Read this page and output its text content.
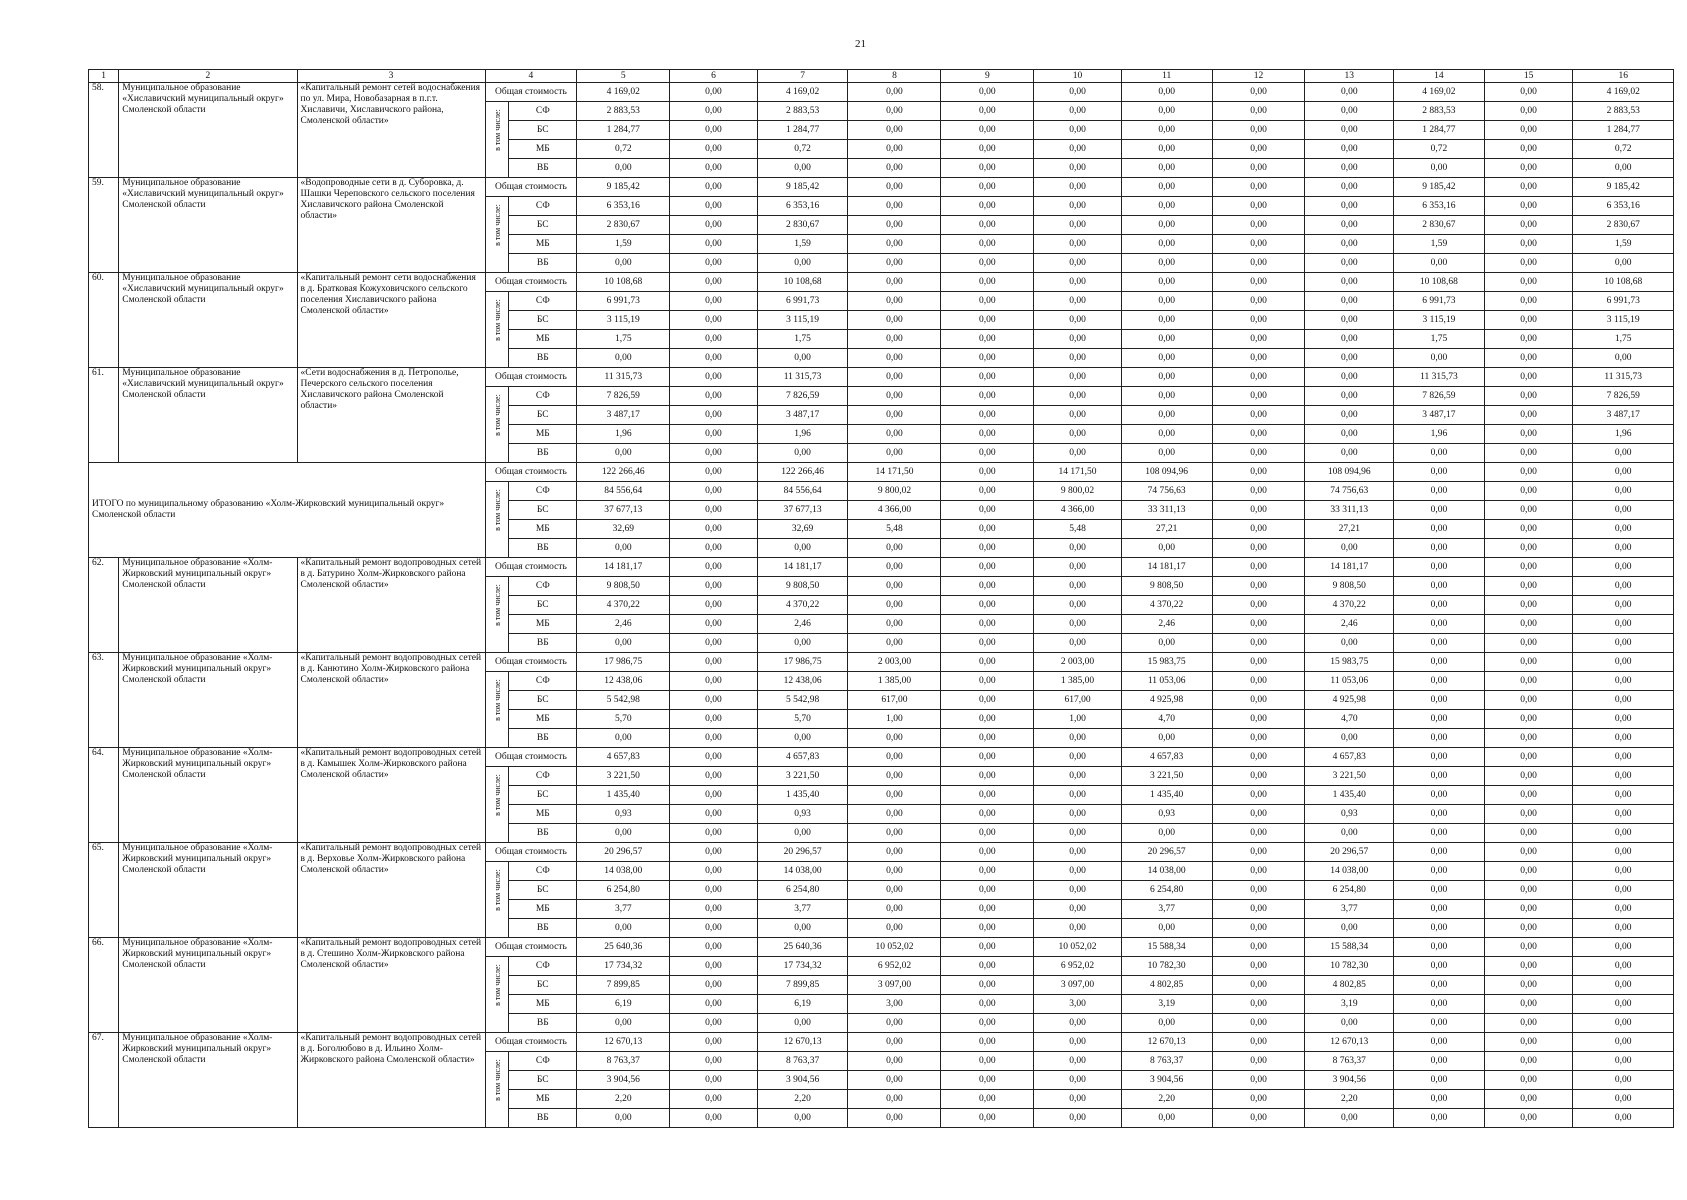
21
1	2	3	4		5	6	7	8	9	10	11	12	13	14	15	16
58.	Муниципальное образование «Хиславичский муниципальный округ» Смоленской области	«Капитальный ремонт сетей водоснабжения по ул. Мира, Новобазарная в п.г.т. Хиславичи, Хиславичского района, Смоленской области»	Общая стоимость		4 169,02	0,00	4 169,02	0,00	0,00	0,00	0,00	0,00	0,00	4 169,02	0,00	4 169,02

			в том числе:	СФ	2 883,53	0,00	2 883,53	0,00	0,00	0,00	0,00	0,00	0,00	2 883,53	0,00	2 883,53
				БС	1 284,77	0,00	1 284,77	0,00	0,00	0,00	0,00	0,00	0,00	1 284,77	0,00	1 284,77
				МБ	0,72	0,00	0,72	0,00	0,00	0,00	0,00	0,00	0,00	0,72	0,00	0,72
				ВБ	0,00	0,00	0,00	0,00	0,00	0,00	0,00	0,00	0,00	0,00	0,00	0,00
59.	Муниципальное образование «Хиславичский муниципальный округ» Смоленской области	«Водопроводные сети в д. Суборовка, д. Шашки Череповского сельского поселения Хиславичского района Смоленской области»	Общая стоимость		9 185,42	0,00	9 185,42	0,00	0,00	0,00	0,00	0,00	0,00	9 185,42	0,00	9 185,42

			в том числе:	СФ	6 353,16	0,00	6 353,16	0,00	0,00	0,00	0,00	0,00	0,00	6 353,16	0,00	6 353,16
				БС	2 830,67	0,00	2 830,67	0,00	0,00	0,00	0,00	0,00	0,00	2 830,67	0,00	2 830,67
				МБ	1,59	0,00	1,59	0,00	0,00	0,00	0,00	0,00	0,00	1,59	0,00	1,59
				ВБ	0,00	0,00	0,00	0,00	0,00	0,00	0,00	0,00	0,00	0,00	0,00	0,00
60.	Муниципальное образование «Хиславичский муниципальный округ» Смоленской области	«Капитальный ремонт сети водоснабжения в д. Братковая Кожуховичского сельского поселения Хиславичского района Смоленской области»	Общая стоимость		10 108,68	0,00	10 108,68	0,00	0,00	0,00	0,00	0,00	0,00	10 108,68	0,00	10 108,68

			в том числе:	СФ	6 991,73	0,00	6 991,73	0,00	0,00	0,00	0,00	0,00	0,00	6 991,73	0,00	6 991,73
				БС	3 115,19	0,00	3 115,19	0,00	0,00	0,00	0,00	0,00	0,00	3 115,19	0,00	3 115,19
				МБ	1,75	0,00	1,75	0,00	0,00	0,00	0,00	0,00	0,00	1,75	0,00	1,75
				ВБ	0,00	0,00	0,00	0,00	0,00	0,00	0,00	0,00	0,00	0,00	0,00	0,00
61.	Муниципальное образование «Хиславичский муниципальный округ» Смоленской области	«Сети водоснабжения в д. Петрополье, Печерского сельского поселения Хиславичского района Смоленской области»	Общая стоимость		11 315,73	0,00	11 315,73	0,00	0,00	0,00	0,00	0,00	0,00	11 315,73	0,00	11 315,73

			в том числе:	СФ	7 826,59	0,00	7 826,59	0,00	0,00	0,00	0,00	0,00	0,00	7 826,59	0,00	7 826,59
				БС	3 487,17	0,00	3 487,17	0,00	0,00	0,00	0,00	0,00	0,00	3 487,17	0,00	3 487,17
				МБ	1,96	0,00	1,96	0,00	0,00	0,00	0,00	0,00	0,00	1,96	0,00	1,96
				ВБ	0,00	0,00	0,00	0,00	0,00	0,00	0,00	0,00	0,00	0,00	0,00	0,00
ИТОГО по муниципальному образованию «Холм-Жирковский муниципальный округ» Смоленской области			Общая стоимость		122 266,46	0,00	122 266,46	14 171,50	0,00	14 171,50	108 094,96	0,00	108 094,96	0,00	0,00	0,00

			в том числе:	СФ	84 556,64	0,00	84 556,64	9 800,02	0,00	9 800,02	74 756,63	0,00	74 756,63	0,00	0,00	0,00
				БС	37 677,13	0,00	37 677,13	4 366,00	0,00	4 366,00	33 311,13	0,00	33 311,13	0,00	0,00	0,00
				МБ	32,69	0,00	32,69	5,48	0,00	5,48	27,21	0,00	27,21	0,00	0,00	0,00
				ВБ	0,00	0,00	0,00	0,00	0,00	0,00	0,00	0,00	0,00	0,00	0,00	0,00
62.	Муниципальное образование «Холм-Жирковский муниципальный округ» Смоленской области	«Капитальный ремонт водопроводных сетей в д. Батурино Холм-Жирковского района Смоленской области»	Общая стоимость		14 181,17	0,00	14 181,17	0,00	0,00	0,00	14 181,17	0,00	14 181,17	0,00	0,00	0,00

			в том числе:	СФ	9 808,50	0,00	9 808,50	0,00	0,00	0,00	9 808,50	0,00	9 808,50	0,00	0,00	0,00
				БС	4 370,22	0,00	4 370,22	0,00	0,00	0,00	4 370,22	0,00	4 370,22	0,00	0,00	0,00
				МБ	2,46	0,00	2,46	0,00	0,00	0,00	2,46	0,00	2,46	0,00	0,00	0,00
				ВБ	0,00	0,00	0,00	0,00	0,00	0,00	0,00	0,00	0,00	0,00	0,00	0,00
63.	Муниципальное образование «Холм-Жирковский муниципальный округ» Смоленской области	«Капитальный ремонт водопроводных сетей в д. Канютино Холм-Жирковского района Смоленской области»	Общая стоимость		17 986,75	0,00	17 986,75	2 003,00	0,00	2 003,00	15 983,75	0,00	15 983,75	0,00	0,00	0,00

			в том числе:	СФ	12 438,06	0,00	12 438,06	1 385,00	0,00	1 385,00	11 053,06	0,00	11 053,06	0,00	0,00	0,00
				БС	5 542,98	0,00	5 542,98	617,00	0,00	617,00	4 925,98	0,00	4 925,98	0,00	0,00	0,00
				МБ	5,70	0,00	5,70	1,00	0,00	1,00	4,70	0,00	4,70	0,00	0,00	0,00
				ВБ	0,00	0,00	0,00	0,00	0,00	0,00	0,00	0,00	0,00	0,00	0,00	0,00
64.	Муниципальное образование «Холм-Жирковский муниципальный округ» Смоленской области	«Капитальный ремонт водопроводных сетей в д. Камышек Холм-Жирковского района Смоленской области»	Общая стоимость		4 657,83	0,00	4 657,83	0,00	0,00	0,00	4 657,83	0,00	4 657,83	0,00	0,00	0,00

			в том числе:	СФ	3 221,50	0,00	3 221,50	0,00	0,00	0,00	3 221,50	0,00	3 221,50	0,00	0,00	0,00
				БС	1 435,40	0,00	1 435,40	0,00	0,00	0,00	1 435,40	0,00	1 435,40	0,00	0,00	0,00
				МБ	0,93	0,00	0,93	0,00	0,00	0,00	0,93	0,00	0,93	0,00	0,00	0,00
				ВБ	0,00	0,00	0,00	0,00	0,00	0,00	0,00	0,00	0,00	0,00	0,00	0,00
65.	Муниципальное образование «Холм-Жирковский муниципальный округ» Смоленской области	«Капитальный ремонт водопроводных сетей в д. Верховье Холм-Жирковского района Смоленской области»	Общая стоимость		20 296,57	0,00	20 296,57	0,00	0,00	0,00	20 296,57	0,00	20 296,57	0,00	0,00	0,00

			в том числе:	СФ	14 038,00	0,00	14 038,00	0,00	0,00	0,00	14 038,00	0,00	14 038,00	0,00	0,00	0,00
				БС	6 254,80	0,00	6 254,80	0,00	0,00	0,00	6 254,80	0,00	6 254,80	0,00	0,00	0,00
				МБ	3,77	0,00	3,77	0,00	0,00	0,00	3,77	0,00	3,77	0,00	0,00	0,00
				ВБ	0,00	0,00	0,00	0,00	0,00	0,00	0,00	0,00	0,00	0,00	0,00	0,00
66.	Муниципальное образование «Холм-Жирковский муниципальный округ» Смоленской области	«Капитальный ремонт водопроводных сетей в д. Стешино Холм-Жирковского района Смоленской области»	Общая стоимость		25 640,36	0,00	25 640,36	10 052,02	0,00	10 052,02	15 588,34	0,00	15 588,34	0,00	0,00	0,00

			в том числе:	СФ	17 734,32	0,00	17 734,32	6 952,02	0,00	6 952,02	10 782,30	0,00	10 782,30	0,00	0,00	0,00
				БС	7 899,85	0,00	7 899,85	3 097,00	0,00	3 097,00	4 802,85	0,00	4 802,85	0,00	0,00	0,00
				МБ	6,19	0,00	6,19	3,00	0,00	3,00	3,19	0,00	3,19	0,00	0,00	0,00
				ВБ	0,00	0,00	0,00	0,00	0,00	0,00	0,00	0,00	0,00	0,00	0,00	0,00
67.	Муниципальное образование «Холм-Жирковский муниципальный округ» Смоленской области	«Капитальный ремонт водопроводных сетей в д. Боголюбово в д. Ильино Холм-Жирковского района Смоленской области»	Общая стоимость		12 670,13	0,00	12 670,13	0,00	0,00	0,00	12 670,13	0,00	12 670,13	0,00	0,00	0,00

			в том числе:	СФ	8 763,37	0,00	8 763,37	0,00	0,00	0,00	8 763,37	0,00	8 763,37	0,00	0,00	0,00
				БС	3 904,56	0,00	3 904,56	0,00	0,00	0,00	3 904,56	0,00	3 904,56	0,00	0,00	0,00
				МБ	2,20	0,00	2,20	0,00	0,00	0,00	2,20	0,00	2,20	0,00	0,00	0,00
				ВБ	0,00	0,00	0,00	0,00	0,00	0,00	0,00	0,00	0,00	0,00	0,00	0,00
